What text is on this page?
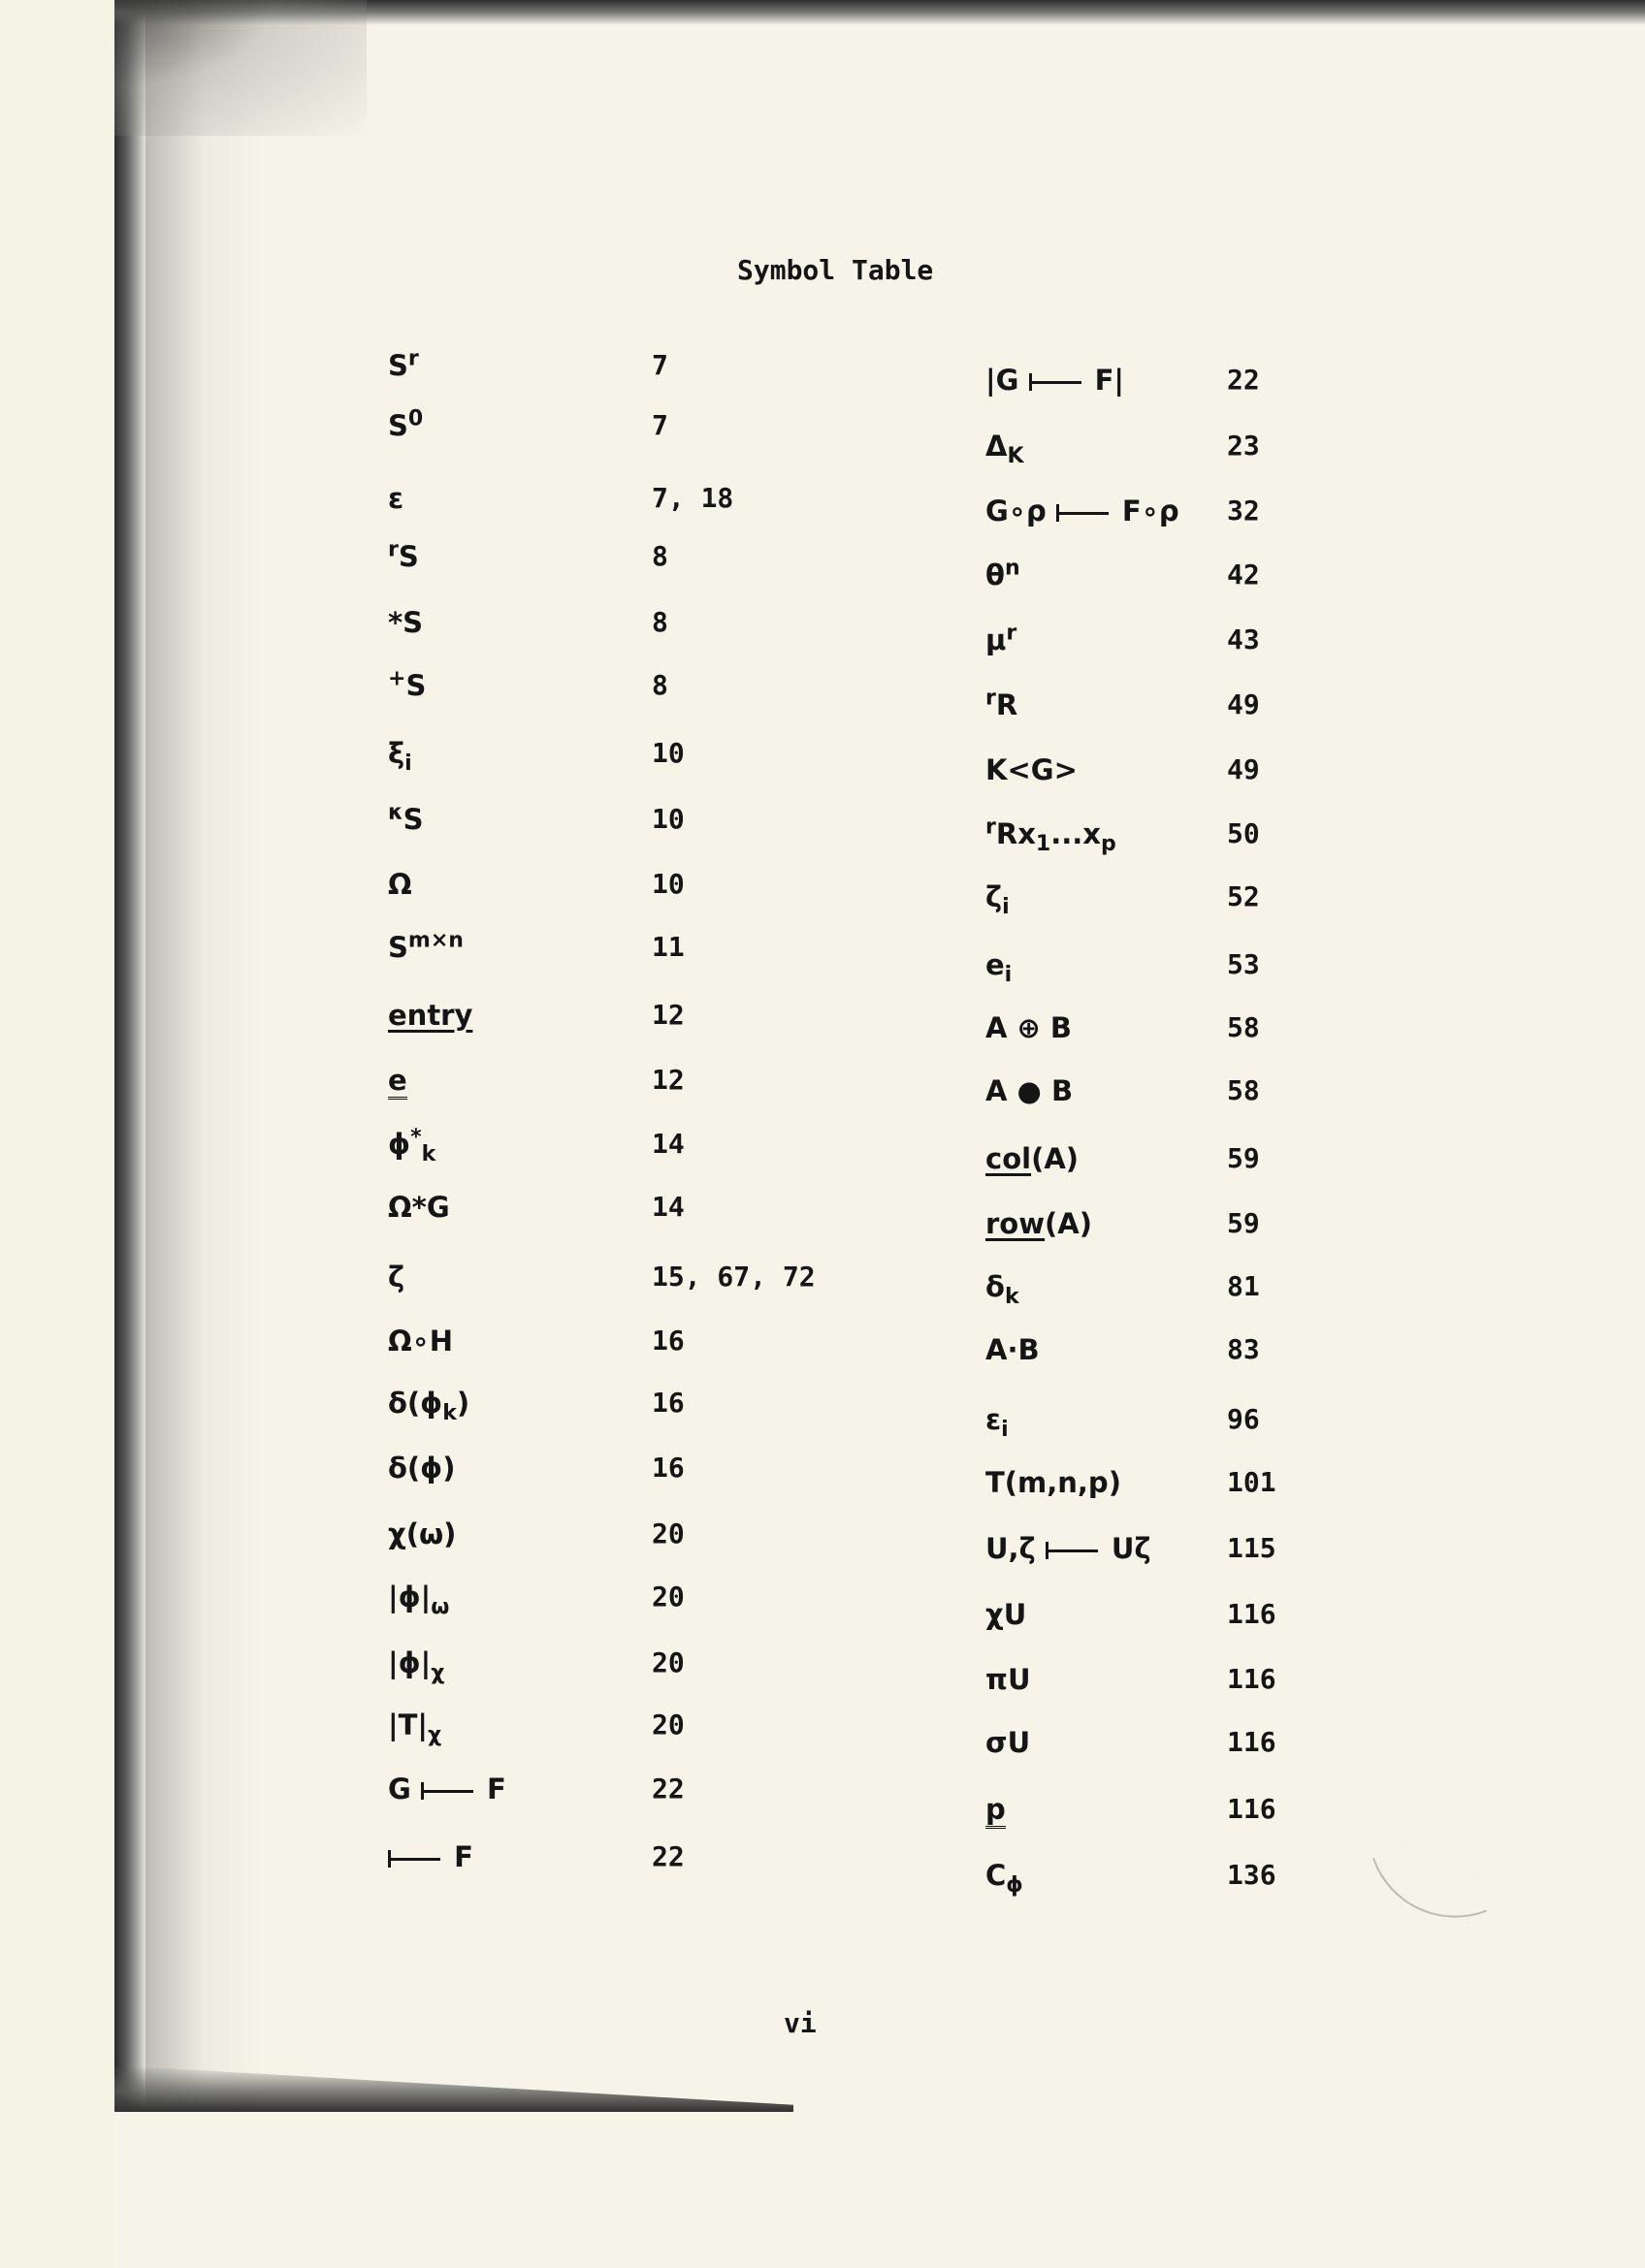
Symbol Table
$S^r$	7
$S^0$	7
ε	7, 18
$^r$S	8
*S	8
+S	8
$\xi_i$	10
$^\kappa$S	10
Ω	10
$S^{m\times n}$	11
entry	12
e	12
$\phi^*_k$	14
Ω*G	14
ζ	15, 67, 72
Ω∘H	16
$\delta(\phi_k)$	16
δ(ϕ)	16
χ(ω)	20
$|\phi|_\omega$	20
$|\phi|_\chi$	20
$|T|_\chi$	20
G  F	22
F	22
|G  F|	22
$\Delta_K$	23
G∘ρ  F∘ρ 32
$\theta^n$	42
$\mu^r$	43
$^r$R	49
K<G>	49
$^rRx_1...x_p$	50
$\zeta_i$	52
$e_i$	53
A ⊕ B	58
A ● B	58
col(A)	59
row(A)	59
$\delta_k$	81
A·B	83
$\varepsilon_i$	96
T(m,n,p)	101
U,ζ  Uζ	115
χU	116
πU	116
σU	116
p	116
$C_\phi$	136
vi
